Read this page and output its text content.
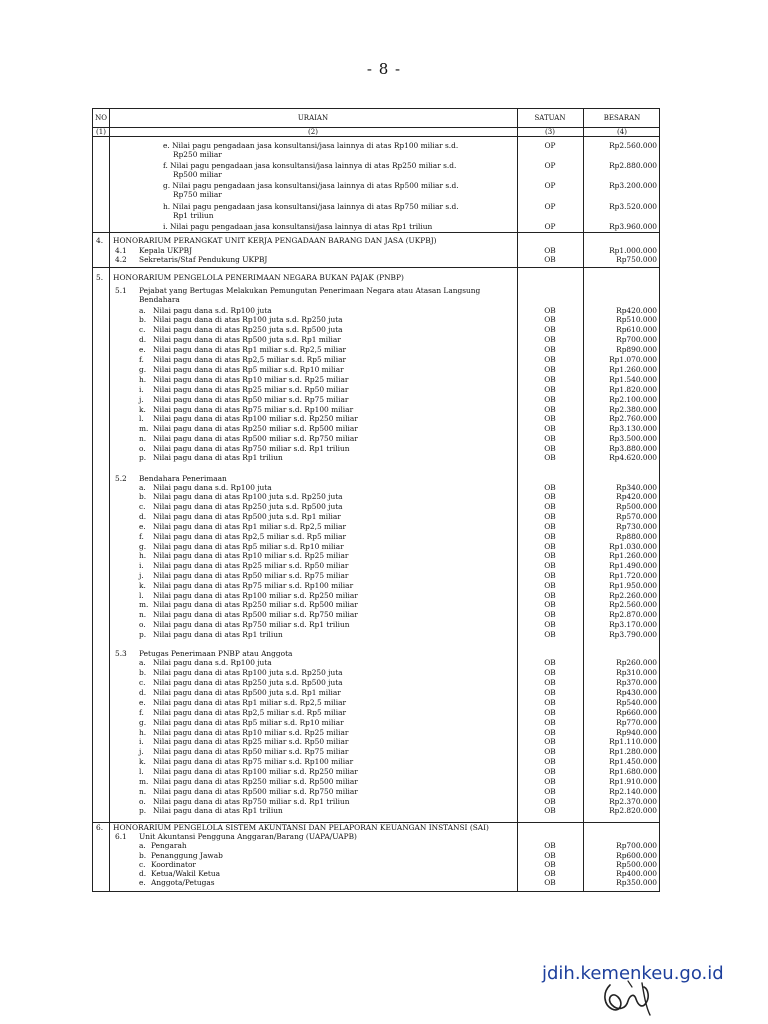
- 8 -
NO	URAIAN	SATUAN	BESARAN
(1)	(2)	(3)	(4)
e. Nilai pagu pengadaan jasa konsultansi/jasa lainnya di atas Rp100 miliar s.d.	OP	Rp2.560.000
Rp250 miliar
f. Nilai pagu pengadaan jasa konsultansi/jasa lainnya di atas Rp250 miliar s.d.	OP	Rp2.880.000
Rp500 miliar
g. Nilai pagu pengadaan jasa konsultansi/jasa lainnya di atas Rp500 miliar s.d.	OP	Rp3.200.000
Rp750 miliar
h. Nilai pagu pengadaan jasa konsultansi/jasa lainnya di atas Rp750 miliar s.d.	OP	Rp3.520.000
Rp1 triliun
i. Nilai pagu pengadaan jasa konsultansi/jasa lainnya di atas Rp1 triliun	OP	Rp3.960.000
4.	HONORARIUM PERANGKAT UNIT KERJA PENGADAAN BARANG DAN JASA (UKPBJ)
4.1 Kepala UKPBJ	OB	Rp1.000.000
4.2 Sekretaris/Staf Pendukung UKPBJ	OB	Rp750.000
5.	HONORARIUM PENGELOLA PENERIMAAN NEGARA BUKAN PAJAK (PNBP)
5.1 Pejabat yang Bertugas Melakukan Pemungutan Penerimaan Negara atau Atasan Langsung
Bendahara
a. Nilai pagu dana s.d. Rp100 juta	OB	Rp420.000
b. Nilai pagu dana di atas Rp100 juta s.d. Rp250 juta	OB	Rp510.000
c. Nilai pagu dana di atas Rp250 juta s.d. Rp500 juta	OB	Rp610.000
d. Nilai pagu dana di atas Rp500 juta s.d. Rp1 miliar	OB	Rp700.000
e. Nilai pagu dana di atas Rp1 miliar s.d. Rp2,5 miliar	OB	Rp890.000
f. Nilai pagu dana di atas Rp2,5 miliar s.d. Rp5 miliar	OB	Rp1.070.000
g. Nilai pagu dana di atas Rp5 miliar s.d. Rp10 miliar	OB	Rp1.260.000
h. Nilai pagu dana di atas Rp10 miliar s.d. Rp25 miliar	OB	Rp1.540.000
i. Nilai pagu dana di atas Rp25 miliar s.d. Rp50 miliar	OB	Rp1.820.000
j. Nilai pagu dana di atas Rp50 miliar s.d. Rp75 miliar	OB	Rp2.100.000
k. Nilai pagu dana di atas Rp75 miliar s.d. Rp100 miliar	OB	Rp2.380.000
l. Nilai pagu dana di atas Rp100 miliar s.d. Rp250 miliar	OB	Rp2.760.000
m. Nilai pagu dana di atas Rp250 miliar s.d. Rp500 miliar	OB	Rp3.130.000
n. Nilai pagu dana di atas Rp500 miliar s.d. Rp750 miliar	OB	Rp3.500.000
o. Nilai pagu dana di atas Rp750 miliar s.d. Rp1 triliun	OB	Rp3.880.000
p. Nilai pagu dana di atas Rp1 triliun	OB	Rp4.620.000
5.2 Bendahara Penerimaan
a. Nilai pagu dana s.d. Rp100 juta	OB	Rp340.000
b. Nilai pagu dana di atas Rp100 juta s.d. Rp250 juta	OB	Rp420.000
c. Nilai pagu dana di atas Rp250 juta s.d. Rp500 juta	OB	Rp500.000
d. Nilai pagu dana di atas Rp500 juta s.d. Rp1 miliar	OB	Rp570.000
e. Nilai pagu dana di atas Rp1 miliar s.d. Rp2,5 miliar	OB	Rp730.000
f. Nilai pagu dana di atas Rp2,5 miliar s.d. Rp5 miliar	OB	Rp880.000
g. Nilai pagu dana di atas Rp5 miliar s.d. Rp10 miliar	OB	Rp1.030.000
h. Nilai pagu dana di atas Rp10 miliar s.d. Rp25 miliar	OB	Rp1.260.000
i. Nilai pagu dana di atas Rp25 miliar s.d. Rp50 miliar	OB	Rp1.490.000
j. Nilai pagu dana di atas Rp50 miliar s.d. Rp75 miliar	OB	Rp1.720.000
k. Nilai pagu dana di atas Rp75 miliar s.d. Rp100 miliar	OB	Rp1.950.000
l. Nilai pagu dana di atas Rp100 miliar s.d. Rp250 miliar	OB	Rp2.260.000
m. Nilai pagu dana di atas Rp250 miliar s.d. Rp500 miliar	OB	Rp2.560.000
n. Nilai pagu dana di atas Rp500 miliar s.d. Rp750 miliar	OB	Rp2.870.000
o. Nilai pagu dana di atas Rp750 miliar s.d. Rp1 triliun	OB	Rp3.170.000
p. Nilai pagu dana di atas Rp1 triliun	OB	Rp3.790.000
5.3 Petugas Penerimaan PNBP atau Anggota
a. Nilai pagu dana s.d. Rp100 juta	OB	Rp260.000
b. Nilai pagu dana di atas Rp100 juta s.d. Rp250 juta	OB	Rp310.000
c. Nilai pagu dana di atas Rp250 juta s.d. Rp500 juta	OB	Rp370.000
d. Nilai pagu dana di atas Rp500 juta s.d. Rp1 miliar	OB	Rp430.000
e. Nilai pagu dana di atas Rp1 miliar s.d. Rp2,5 miliar	OB	Rp540.000
f. Nilai pagu dana di atas Rp2,5 miliar s.d. Rp5 miliar	OB	Rp660.000
g. Nilai pagu dana di atas Rp5 miliar s.d. Rp10 miliar	OB	Rp770.000
h. Nilai pagu dana di atas Rp10 miliar s.d. Rp25 miliar	OB	Rp940.000
i. Nilai pagu dana di atas Rp25 miliar s.d. Rp50 miliar	OB	Rp1.110.000
j. Nilai pagu dana di atas Rp50 miliar s.d. Rp75 miliar	OB	Rp1.280.000
k. Nilai pagu dana di atas Rp75 miliar s.d. Rp100 miliar	OB	Rp1.450.000
l. Nilai pagu dana di atas Rp100 miliar s.d. Rp250 miliar	OB	Rp1.680.000
m. Nilai pagu dana di atas Rp250 miliar s.d. Rp500 miliar	OB	Rp1.910.000
n. Nilai pagu dana di atas Rp500 miliar s.d. Rp750 miliar	OB	Rp2.140.000
o. Nilai pagu dana di atas Rp750 miliar s.d. Rp1 triliun	OB	Rp2.370.000
p. Nilai pagu dana di atas Rp1 triliun	OB	Rp2.820.000
6.	HONORARIUM PENGELOLA SISTEM AKUNTANSI DAN PELAPORAN KEUANGAN INSTANSI (SAI)
6.1 Unit Akuntansi Pengguna Anggaran/Barang (UAPA/UAPB)
a. Pengarah	OB	Rp700.000
b. Penanggung Jawab	OB	Rp600.000
c. Koordinator	OB	Rp500.000
d. Ketua/Wakil Ketua	OB	Rp400.000
e. Anggota/Petugas	OB	Rp350.000
jdih.kemenkeu.go.id
